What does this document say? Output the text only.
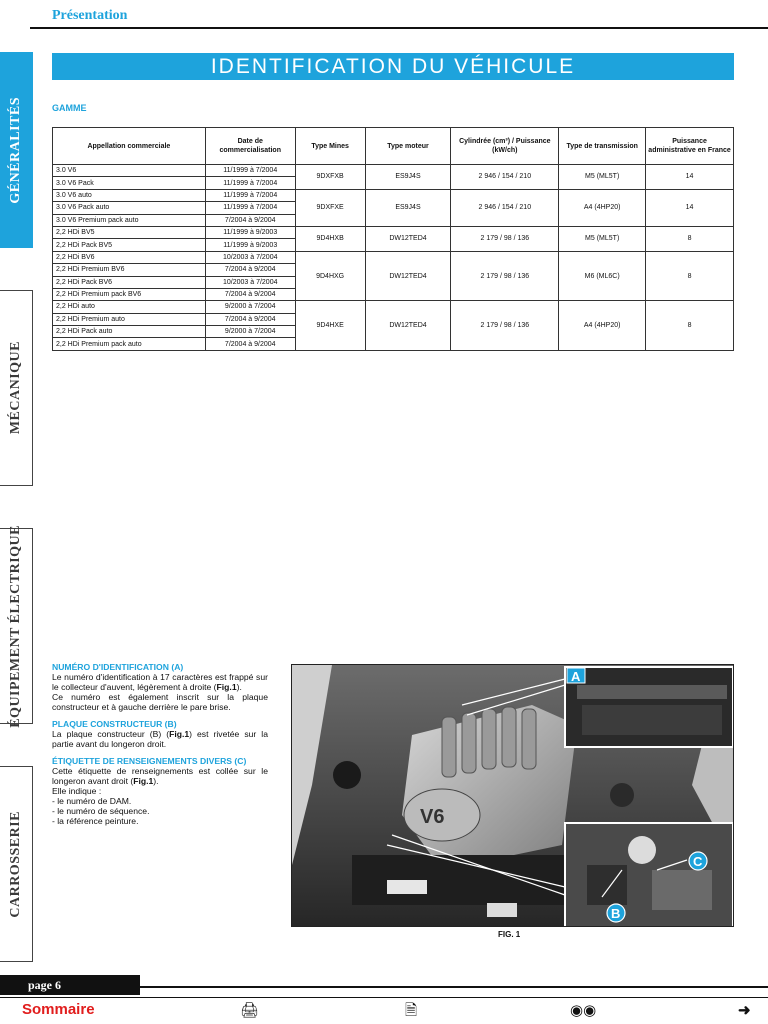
Présentation
GÉNÉRALITÉS
MÉCANIQUE
ÉQUIPEMENT ÉLECTRIQUE
CARROSSERIE
IDENTIFICATION DU VÉHICULE
GAMME
Appellation commerciale	Date de commercialisation	Type Mines	Type moteur	Cylindrée (cm³) / Puissance (kW/ch)	Type de transmission	Puissance administrative en France
3.0 V6	11/1999 à 7/2004	9DXFXB	ES9J4S	2 946 / 154 / 210	M5 (ML5T)	14
3.0 V6 Pack	11/1999 à 7/2004					
3.0 V6 auto	11/1999 à 7/2004	9DXFXE	ES9J4S	2 946 / 154 / 210	A4 (4HP20)	14
3.0 V6 Pack auto	11/1999 à 7/2004					
3.0 V6 Premium pack auto	7/2004 à 9/2004					
2,2 HDi BV5	11/1999 à 9/2003	9D4HXB	DW12TED4	2 179 / 98 / 136	M5 (ML5T)	8
2,2 HDi Pack BV5	11/1999 à 9/2003					
2,2 HDi BV6	10/2003 à 7/2004	9D4HXG	DW12TED4	2 179 / 98 / 136	M6 (ML6C)	8
2,2 HDi Premium BV6	7/2004 à 9/2004					
2,2 HDi Pack BV6	10/2003 à 7/2004					
2,2 HDi Premium pack BV6	7/2004 à 9/2004					
2,2 HDi auto	9/2000 à 7/2004	9D4HXE	DW12TED4	2 179 / 98 / 136	A4 (4HP20)	8
2,2 HDi Premium auto	7/2004 à 9/2004					
2,2 HDi Pack auto	9/2000 à 7/2004					
2,2 HDi Premium pack auto	7/2004 à 9/2004					
NUMÉRO D'IDENTIFICATION (A)

Le numéro d'identification à 17 caractères est frappé sur le collecteur d'auvent, légèrement à droite (Fig.1).

Ce numéro est également inscrit sur la plaque constructeur et à gauche derrière le pare brise.

PLAQUE CONSTRUCTEUR (B)

La plaque constructeur (B) (Fig.1) est rivetée sur la partie avant du longeron droit.

ÉTIQUETTE DE RENSEIGNEMENTS DIVERS (C)

Cette étiquette de renseignements est collée sur le longeron avant droit (Fig.1).

Elle indique :

- le numéro de DAM.
- le numéro de séquence.
- la référence peinture.	V6
A
B
C
FIG. 1
page 6
Sommaire	🖨	🗎	◉◉	➜
